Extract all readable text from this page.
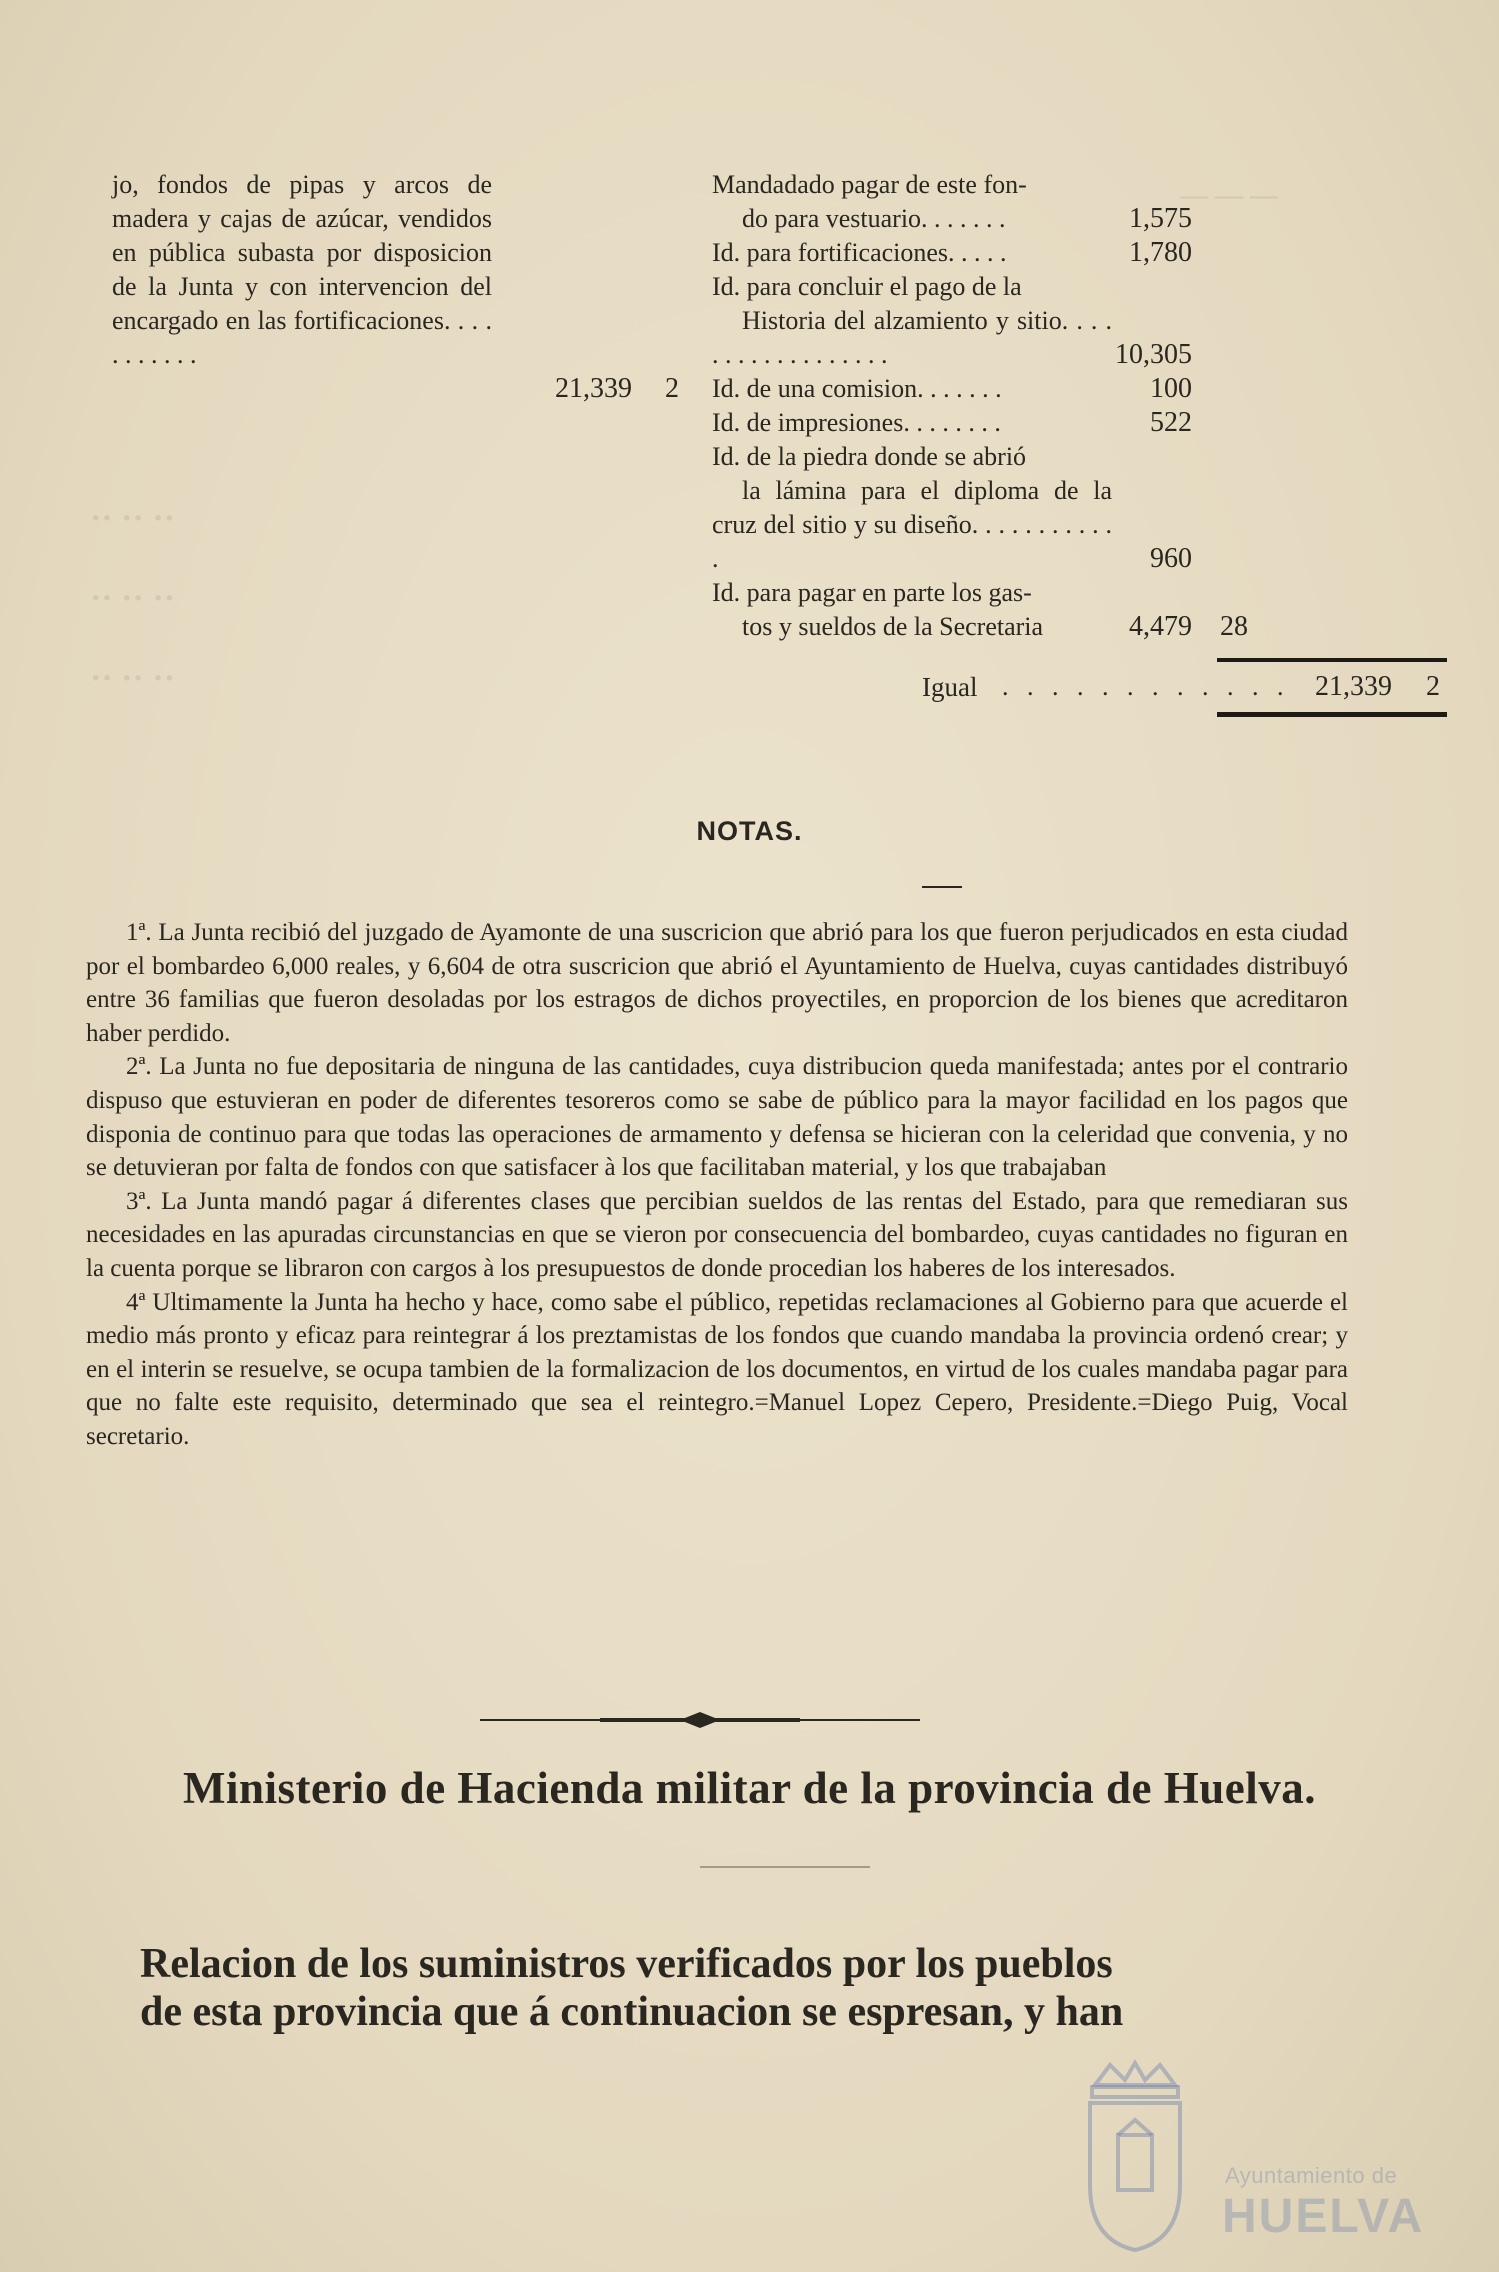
— — —
·· ·· ··
·· ·· ··
·· ·· ··
jo, fondos de pipas y arcos de madera y cajas de azúcar, vendidos en pública subasta por disposicion de la Junta y con intervencion del encargado en las fortificaciones. . . . . . . . . . .
21,339 2
Mandadado pagar de este fon-
do para vestuario. . . . . . .	1,575
Id. para fortificaciones. . . . .	1,780
Id. para concluir el pago de la
Historia del alzamiento y sitio. . . . . . . . . . . . . . . . . .	10,305
Id. de una comision. . . . . . .	100
Id. de impresiones. . . . . . . .	522
Id. de la piedra donde se abrió
la lámina para el diploma de la cruz del sitio y su diseño. . . . . . . . . . . .	960
Id. para pagar en parte los gas-
tos y sueldos de la Secretaria	4,479	28
Igual . . . . . . . . . . . . 21,339	2
NOTAS.

1ª. La Junta recibió del juzgado de Ayamonte de una suscricion que abrió para los que fueron perjudicados en esta ciudad por el bombardeo 6,000 reales, y 6,604 de otra suscricion que abrió el Ayuntamiento de Huelva, cuyas cantidades distribuyó entre 36 familias que fueron desoladas por los estragos de dichos proyectiles, en proporcion de los bienes que acreditaron haber perdido.

2ª. La Junta no fue depositaria de ninguna de las cantidades, cuya distribucion queda manifestada; antes por el contrario dispuso que estuvieran en poder de diferentes tesoreros como se sabe de público para la mayor facilidad en los pagos que disponia de continuo para que todas las operaciones de armamento y defensa se hicieran con la celeridad que convenia, y no se detuvieran por falta de fondos con que satisfacer à los que facilitaban material, y los que trabajaban

3ª. La Junta mandó pagar á diferentes clases que percibian sueldos de las rentas del Estado, para que remediaran sus necesidades en las apuradas circunstancias en que se vieron por consecuencia del bombardeo, cuyas cantidades no figuran en la cuenta porque se libraron con cargos à los presupuestos de donde procedian los haberes de los interesados.

4ª Ultimamente la Junta ha hecho y hace, como sabe el público, repetidas reclamaciones al Gobierno para que acuerde el medio más pronto y eficaz para reintegrar á los preztamistas de los fondos que cuando mandaba la provincia ordenó crear; y en el interin se resuelve, se ocupa tambien de la formalizacion de los documentos, en virtud de los cuales mandaba pagar para que no falte este requisito, determinado que sea el reintegro.=Manuel Lopez Cepero, Presidente.=Diego Puig, Vocal secretario.

Ministerio de Hacienda militar de la provincia de Huelva.
Relacion de los suministros verificados por los pueblos
de esta provincia que á continuacion se espresan, y han
Ayuntamiento de
HUELVA
